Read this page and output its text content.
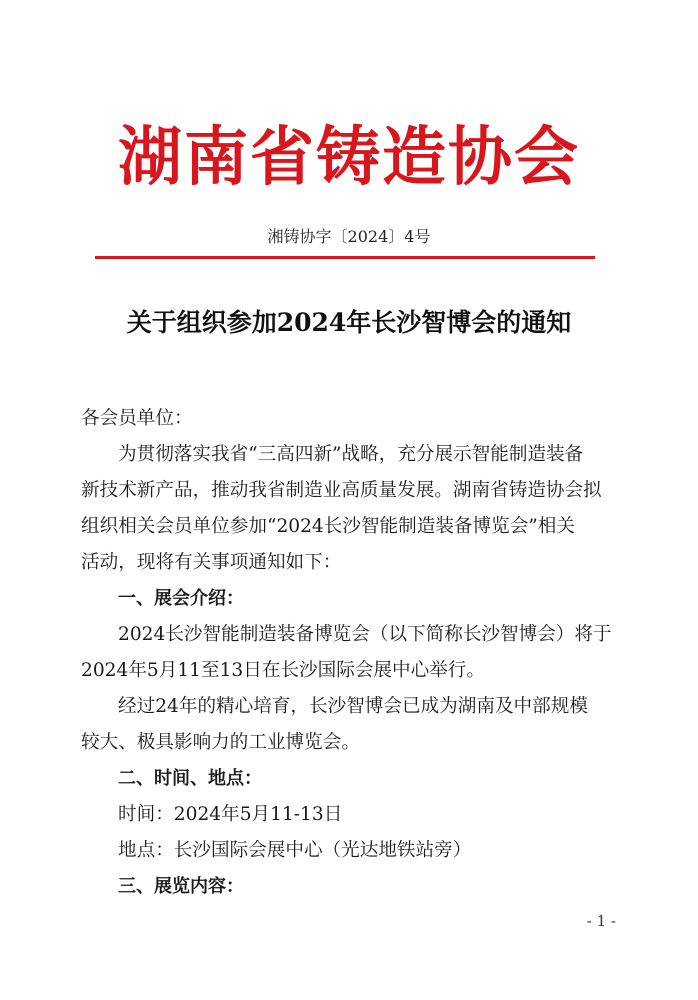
湖南省铸造协会
湘铸协字〔2024〕4号
关于组织参加2024年长沙智博会的通知
各会员单位：
为贯彻落实我省“三高四新”战略，充分展示智能制造装备
新技术新产品，推动我省制造业高质量发展。湖南省铸造协会拟
组织相关会员单位参加“2024长沙智能制造装备博览会”相关
活动，现将有关事项通知如下：
一、展会介绍：
2024长沙智能制造装备博览会（以下简称长沙智博会）将于
2024年5月11至13日在长沙国际会展中心举行。
经过24年的精心培育，长沙智博会已成为湖南及中部规模
较大、极具影响力的工业博览会。
二、时间、地点：
时间：2024年5月11-13日
地点：长沙国际会展中心（光达地铁站旁）
三、展览内容：
- 1 -
